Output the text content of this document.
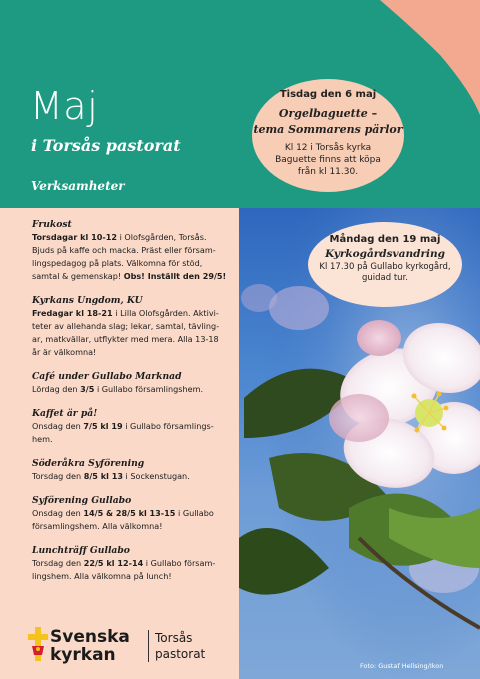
Maj
i Torsås pastorat
Verksamheter
Tisdag den 6 maj
Orgelbaguette –
tema Sommarens pärlor
Kl 12 i Torsås kyrka
Baguette finns att köpa
från kl 11.30.
Måndag den 19 maj
Kyrkogårdsvandring
Kl 17.30 på Gullabo kyrkogård,
guidad tur.
Frukost
Torsdagar kl 10-12 i Olofsgården, Torsås.
Bjuds på kaffe och macka. Präst eller försam-
lingspedagog på plats. Välkomna för stöd,
samtal & gemenskap! Obs! Inställt den 29/5!
Kyrkans Ungdom, KU
Fredagar kl 18-21 i Lilla Olofsgården. Aktivi-
teter av allehanda slag; lekar, samtal, tävling-
ar, matkvällar, utflykter med mera. Alla 13-18
år är välkomna!
Café under Gullabo Marknad
Lördag den 3/5 i Gullabo församlingshem.
Kaffet är på!
Onsdag den 7/5 kl 19 i Gullabo församlings-
hem.
Söderåkra Syförening
Torsdag den 8/5 kl 13 i Sockenstugan.
Syförening Gullabo
Onsdag den 14/5 & 28/5 kl 13-15 i Gullabo
församlingshem. Alla välkomna!
Lunchträff Gullabo
Torsdag den 22/5 kl 12-14 i Gullabo försam-
lingshem. Alla välkomna på lunch!
Svenska
kyrkan
Torsås
pastorat
Foto: Gustaf Hellsing/Ikon
